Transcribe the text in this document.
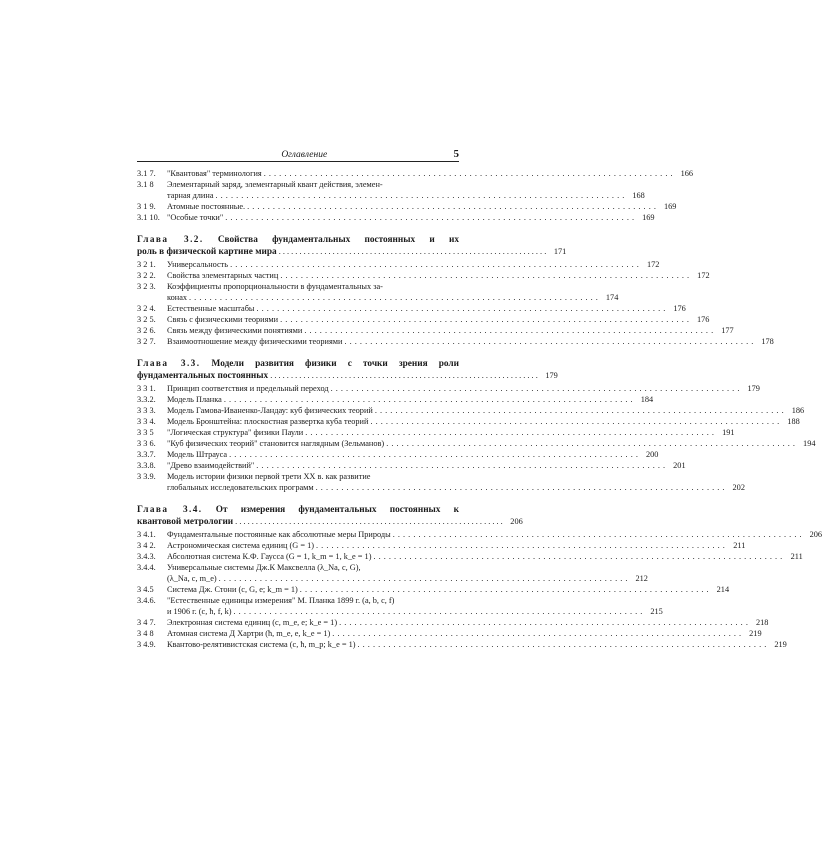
Оглавление	5
3.1 7.	"Квантовая" терминология . . .	166
3.1 8	Элементарный заряд, элементарный квант действия, элемен-
тарная длина . . .	168
3 1 9.	Атомные постоянные. . . .	169
3.1 10. "Особые точки" . . .	169
Глава 3.2. Свойства фундаментальных постоянных и их
роль в физической картине мира . . .	171
3 2 1.	Универсальность . . .	172
3 2 2.	Свойства элементарных частиц . . .	172
3 2 3.	Коэффициенты пропорциональности в фундаментальных за-
конах . . .	174
3 2 4.	Естественные масштабы . . .	176
3 2 5.	Связь с физическими теориями . . .	176
3 2 6.	Связь между физическими понятиями . . .	177
3 2 7.	Взаимоотношение между физическими теориями . . .	178
Глава 3.3. Модели развития физики с точки зрения роли
фундаментальных постоянных . . .	179
3 3 1.	Принцип соответствия и предельный переход . . .	179
3.3.2.	Модель Планка . . .	184
3 3 3.	Модель Гамова-Иваненко-Ландау: куб физических теорий . . .	186
3 3 4.	Модель Бронштейна: плоскостная развертка куба теорий . . .	188
3 3 5	"Логическая структура" физики Паули . . .	191
3 3 6.	"Куб физических теорий" становится наглядным (Зельманов) . . .	194
3.3.7.	Модель Штрауса . . .	200
3.3.8.	"Древо взаимодействий" . . .	201
3 3.9.	Модель истории физики первой трети XX в. как развитие
глобальных исследовательских программ . . .	202
Глава 3.4. От измерения фундаментальных постоянных к
квантовой метрологии . . .	206
3 4.1.	Фундаментальные постоянные как абсолютные меры Природы . . .	206
3 4 2.	Астрономическая система единиц (G = 1) . . .	211
3.4.3.	Абсолютная система К.Ф. Гаусса (G = 1, k_m = 1, k_e = 1) . . .	211
3.4.4.	Универсальные системы Дж.К Максвелла (λ_Na, c, G),
(λ_Na, c, m_e) . . .	212
3 4.5	Система Дж. Стони (c, G, e; k_m = 1) . . .	214
3.4.6.	"Естественные единицы измерения" М. Планка 1899 г. (a, b, c, f)
и 1906 г. (c, ħ, f, k) . . .	215
3 4 7.	Электронная система единиц (c, m_e, e; k_e = 1) . . .	218
3 4 8	Атомная система Д Хартри (ħ, m_e, e, k_e = 1) . . .	219
3 4.9.	Квантово-релятивистская система (c, ħ, m_p; k_e = 1) . . .	219
